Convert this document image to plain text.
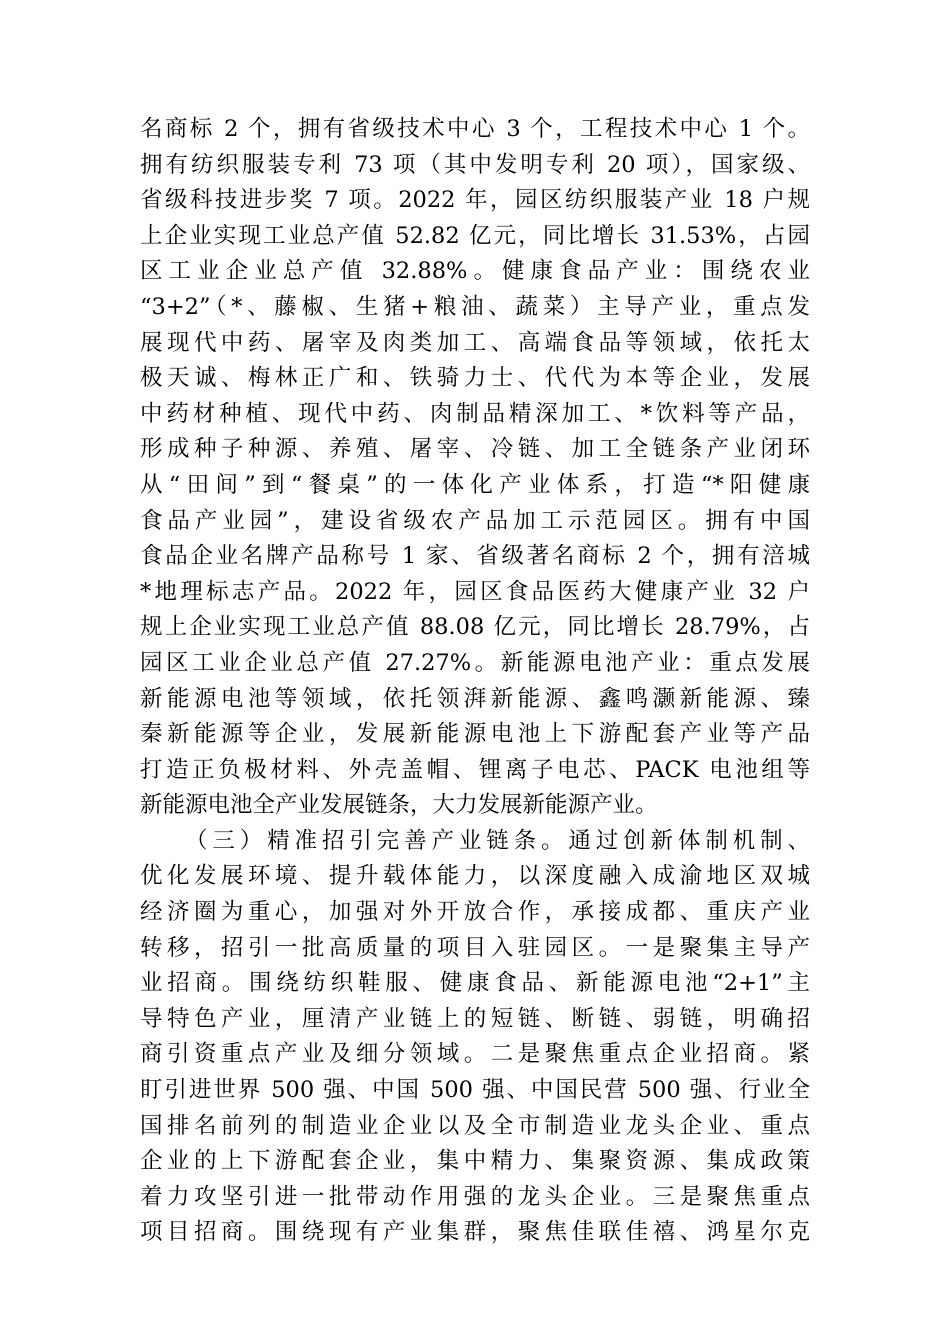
名商标 2 个，拥有省级技术中心 3 个，工程技术中心 1 个。
拥有纺织服装专利 73 项（其中发明专利 20 项），国家级、
省级科技进步奖 7 项。2022 年，园区纺织服装产业 18 户规
上企业实现工业总产值 52.82 亿元，同比增长 31.53%，占园
区工业企业总产值 32.88%。健康食品产业：围绕农业
“3+2”（*、藤椒、生猪+粮油、蔬菜）主导产业，重点发
展现代中药、屠宰及肉类加工、高端食品等领域，依托太
极天诚、梅林正广和、铁骑力士、代代为本等企业，发展
中药材种植、现代中药、肉制品精深加工、*饮料等产品，
形成种子种源、养殖、屠宰、冷链、加工全链条产业闭环
从“田间”到“餐桌”的一体化产业体系，打造“*阳健康
食品产业园”，建设省级农产品加工示范园区。拥有中国
食品企业名牌产品称号 1 家、省级著名商标 2 个，拥有涪城
*地理标志产品。2022 年，园区食品医药大健康产业 32 户
规上企业实现工业总产值 88.08 亿元，同比增长 28.79%，占
园区工业企业总产值 27.27%。新能源电池产业：重点发展
新能源电池等领域，依托领湃新能源、鑫鸣灏新能源、臻
秦新能源等企业，发展新能源电池上下游配套产业等产品
打造正负极材料、外壳盖帽、锂离子电芯、PACK 电池组等
新能源电池全产业发展链条，大力发展新能源产业。
（三）精准招引完善产业链条。通过创新体制机制、
优化发展环境、提升载体能力，以深度融入成渝地区双城
经济圈为重心，加强对外开放合作，承接成都、重庆产业
转移，招引一批高质量的项目入驻园区。一是聚集主导产
业招商。围绕纺织鞋服、健康食品、新能源电池“2+1”主
导特色产业，厘清产业链上的短链、断链、弱链，明确招
商引资重点产业及细分领域。二是聚焦重点企业招商。紧
盯引进世界 500 强、中国 500 强、中国民营 500 强、行业全
国排名前列的制造业企业以及全市制造业龙头企业、重点
企业的上下游配套企业，集中精力、集聚资源、集成政策
着力攻坚引进一批带动作用强的龙头企业。三是聚焦重点
项目招商。围绕现有产业集群，聚焦佳联佳禧、鸿星尔克
